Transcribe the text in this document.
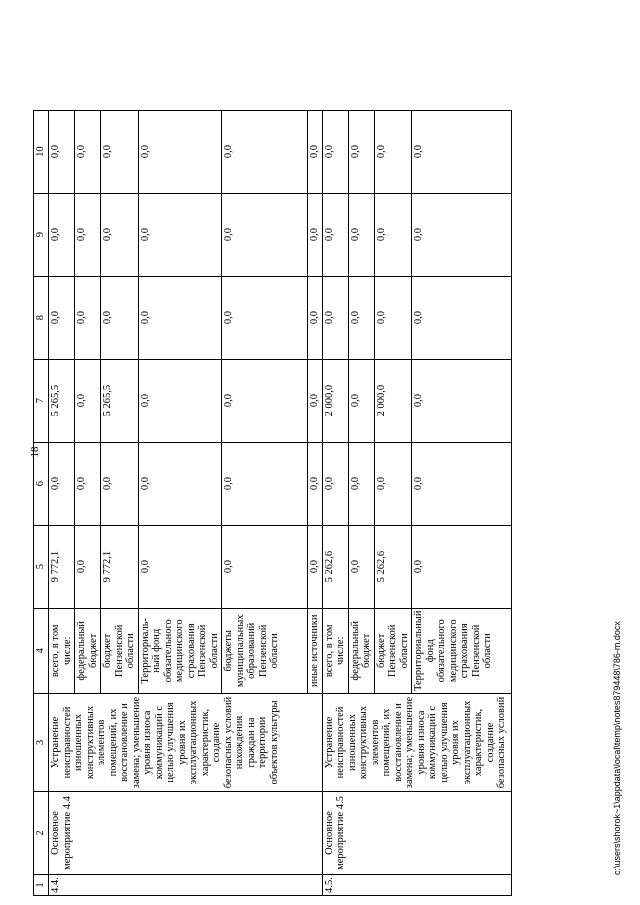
18
1	2	3	4	5	6	7	8	9	10
4.4.	Основное мероприятие 4.4	Устранение неисправностей изношенных конструктивных элементов помещений, их восстановление и замена; уменьшение уровня износа коммуникаций с целью улучшения уровня их эксплуатационных характеристик, создание безопасных условий нахождения граждан на территории объектов культуры	всего, в том числе:	9 772,1	0,0	5 265,5	0,0	0,0	0,0
			федеральный бюджет	0,0	0,0	0,0	0,0	0,0	0,0
			бюджет Пензенской области	9 772,1	0,0	5 265,5	0,0	0,0	0,0
			Территориаль-ный фонд обязательного медицинского страхования Пензенской области	0,0	0,0	0,0	0,0	0,0	0,0
			бюджеты муниципальных образований Пензенской области	0,0	0,0	0,0	0,0	0,0	0,0
			иные источники	0,0	0,0	0,0	0,0	0,0	0,0
4.5.	Основное мероприятие 4.5	Устранение неисправностей изношенных конструктивных элементов помещений, их восстановление и замена; уменьшение уровня износа коммуникаций с целью улучшения уровня их эксплуатационных характеристик, создание безопасных условий	всего, в том числе:	5 262,6	0,0	2 000,0	0,0	0,0	0,0
			федеральный бюджет	0,0	0,0	0,0	0,0	0,0	0,0
			бюджет Пензенской области	5 262,6	0,0	2 000,0	0,0	0,0	0,0
			Территориальный фонд обязательного медицинского страхования Пензенской области	0,0	0,0	0,0	0,0	0,0	0,0
c:\users\shorok~1\appdata\local\temp\notes879448\786-m.docx
